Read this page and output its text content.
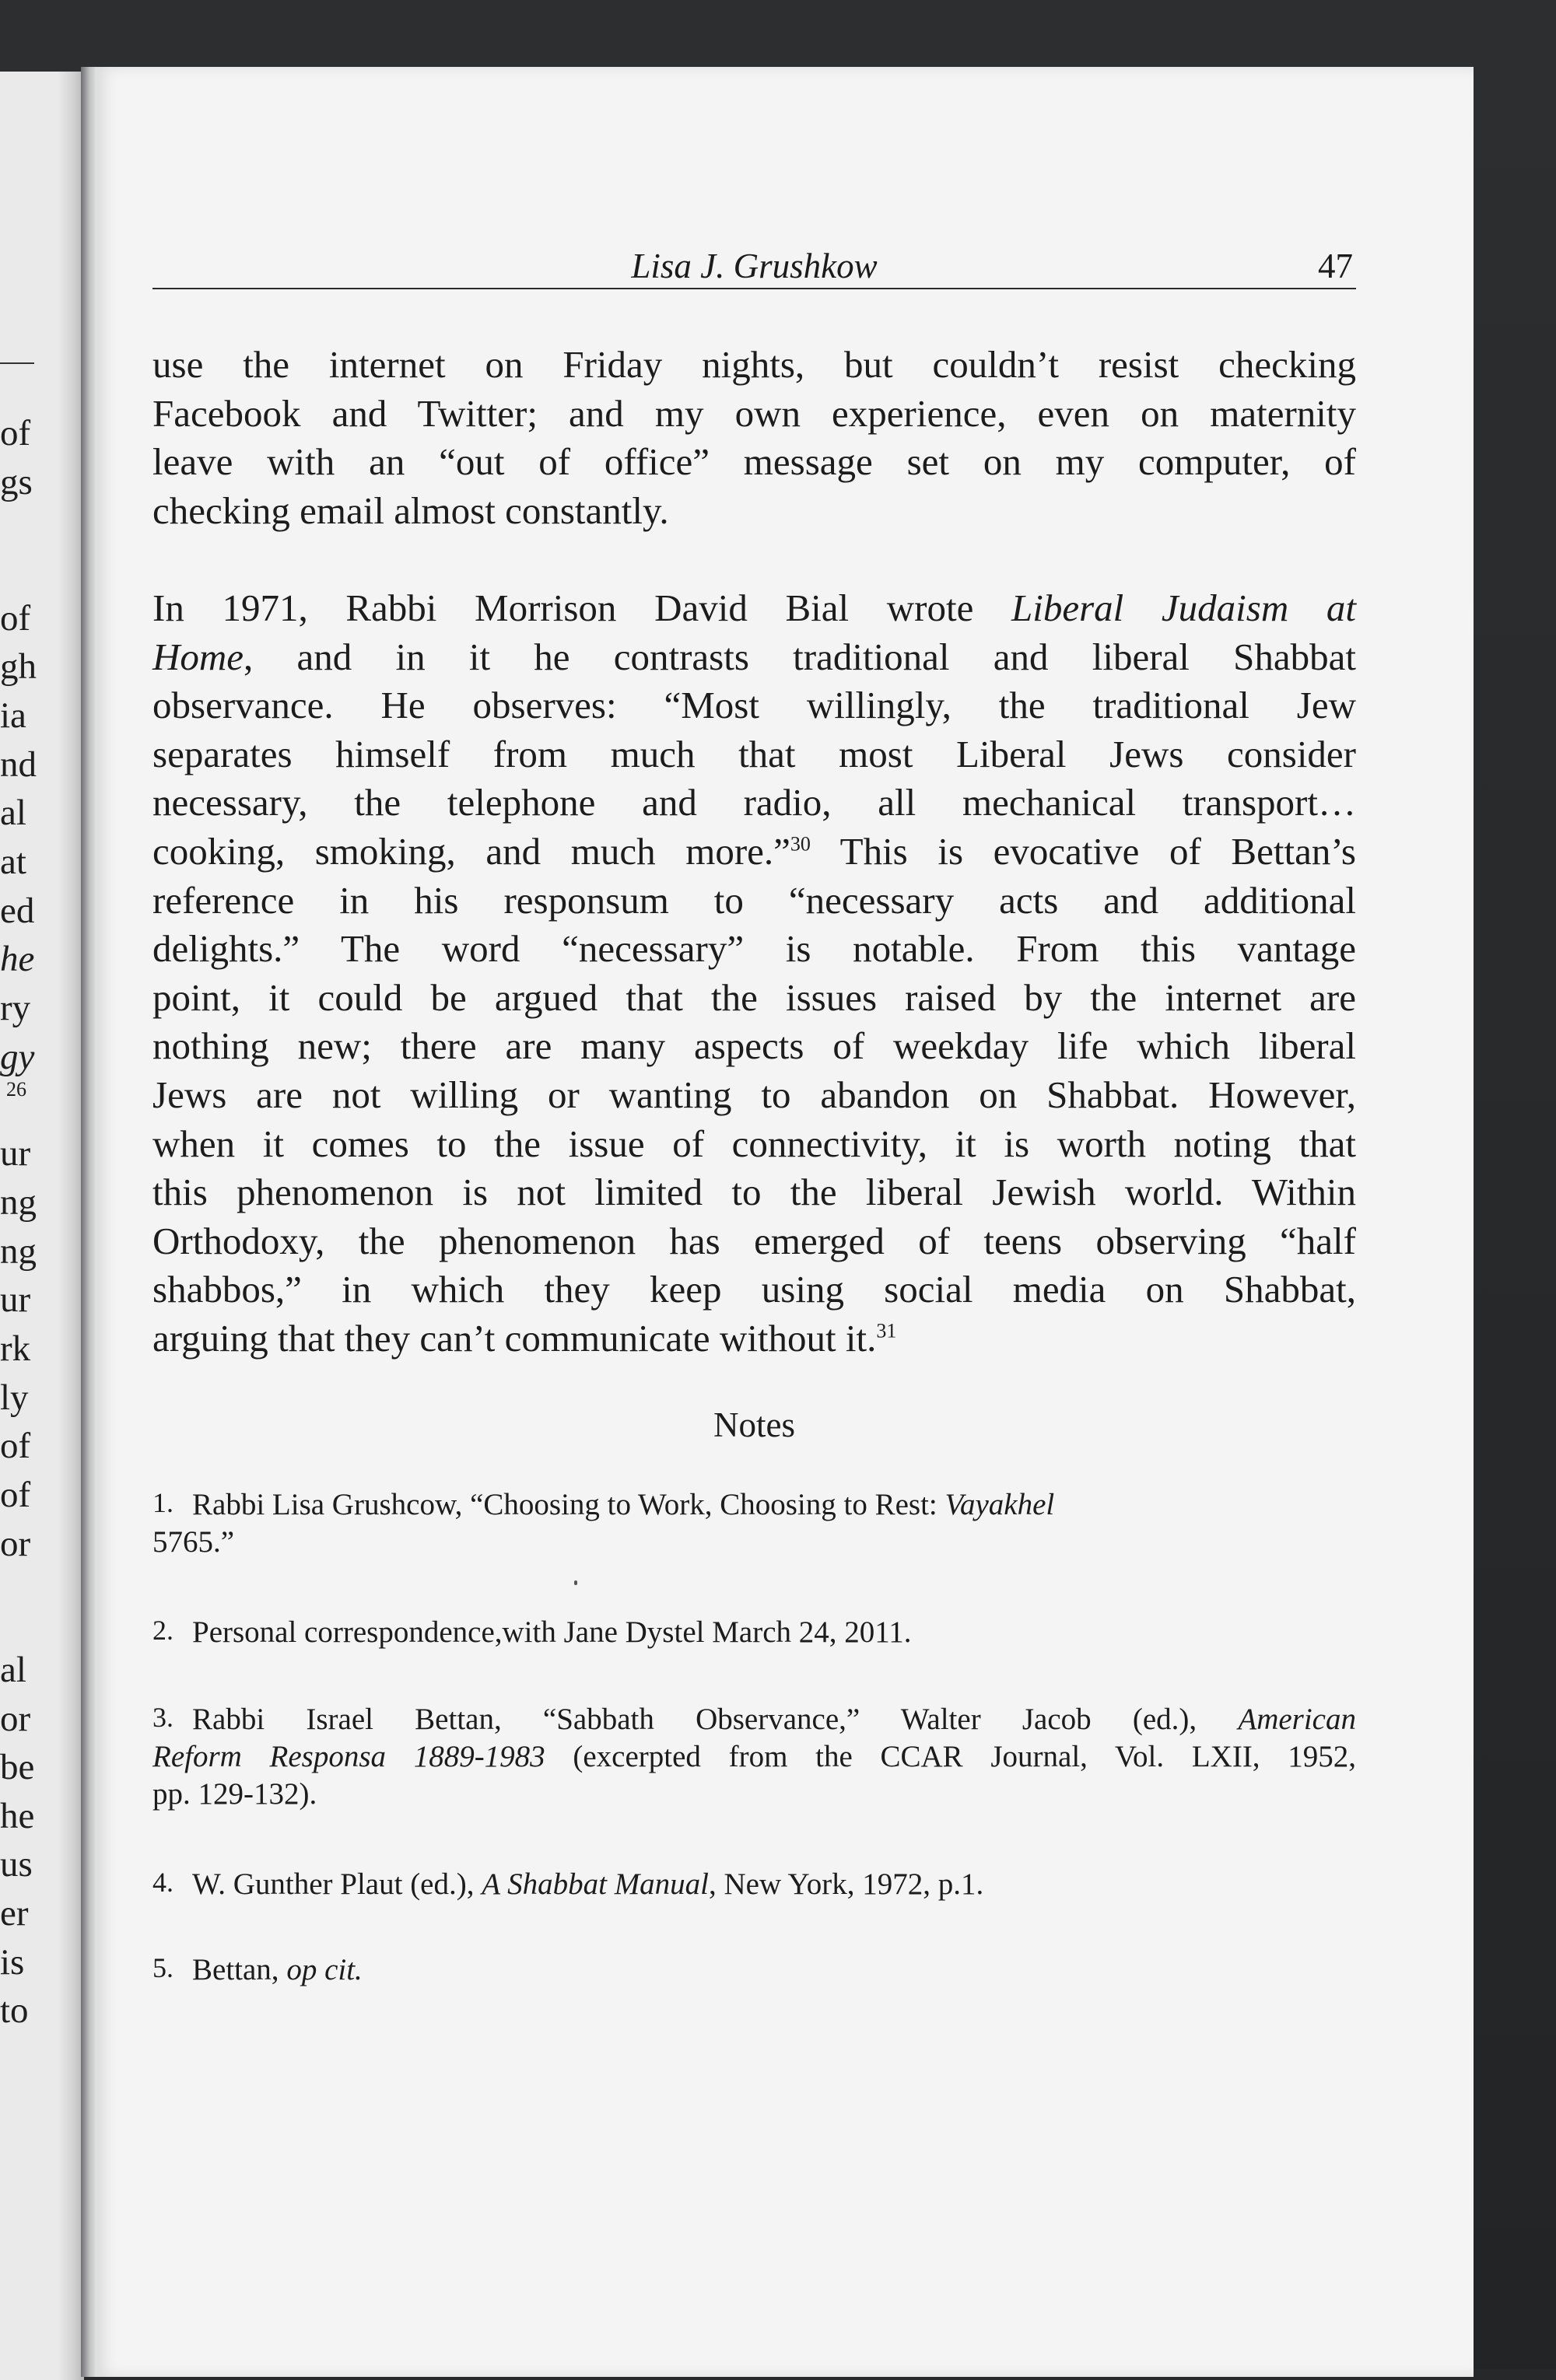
of
gs
of
gh
ia
nd
al
at
ed
he
ry
gy
26
ur
ng
ng
ur
rk
ly
of
of
or
al
or
be
he
us
er
is
to
Lisa J. Grushkow	47
use the internet on Friday nights, but couldn’t resist checking
Facebook and Twitter; and my own experience, even on maternity
leave with an “out of office” message set on my computer, of
checking email almost constantly.
In 1971, Rabbi Morrison David Bial wrote Liberal Judaism at
Home, and in it he contrasts traditional and liberal Shabbat
observance. He observes: “Most willingly, the traditional Jew
separates himself from much that most Liberal Jews consider
necessary, the telephone and radio, all mechanical transport…
cooking, smoking, and much more.”$^{30}$ This is evocative of Bettan’s
reference in his responsum to “necessary acts and additional
delights.” The word “necessary” is notable. From this vantage
point, it could be argued that the issues raised by the internet are
nothing new; there are many aspects of weekday life which liberal
Jews are not willing or wanting to abandon on Shabbat. However,
when it comes to the issue of connectivity, it is worth noting that
this phenomenon is not limited to the liberal Jewish world. Within
Orthodoxy, the phenomenon has emerged of teens observing “half
shabbos,” in which they keep using social media on Shabbat,
arguing that they can’t communicate without it.$^{31}$
Notes
1. Rabbi Lisa Grushcow, “Choosing to Work, Choosing to Rest: Vayakhel
5765.”
2. Personal correspondence,with Jane Dystel March 24, 2011.
3. Rabbi Israel Bettan, “Sabbath Observance,” Walter Jacob (ed.), American
Reform Responsa 1889-1983 (excerpted from the CCAR Journal, Vol. LXII, 1952,
pp. 129-132).
4. W. Gunther Plaut (ed.), A Shabbat Manual, New York, 1972, p.1.
5. Bettan, op cit.
